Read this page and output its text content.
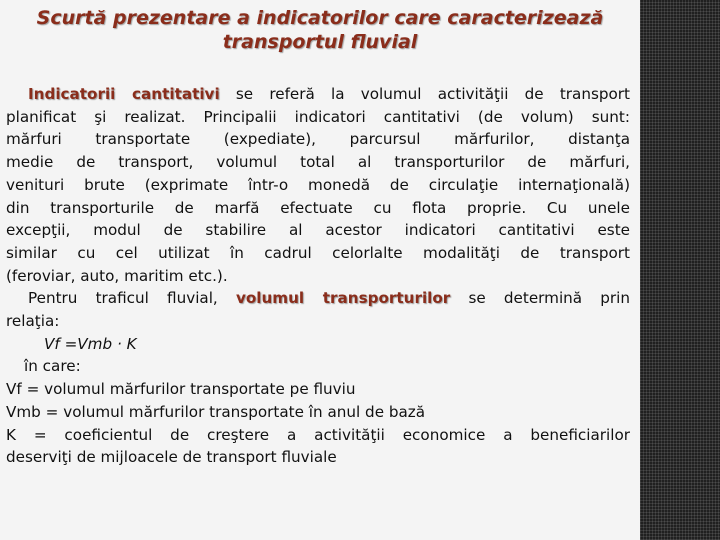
Scurtă prezentare a indicatorilor care caracterizează
transportul fluvial
Indicatorii cantitativi se referă la volumul activităţii de transport
planificat şi realizat. Principalii indicatori cantitativi (de volum) sunt:
mărfuri transportate (expediate), parcursul mărfurilor, distanţa
medie de transport, volumul total al transporturilor de mărfuri,
venituri brute (exprimate într-o monedă de circulaţie internaţională)
din transporturile de marfă efectuate cu flota proprie. Cu unele
excepţii, modul de stabilire al acestor indicatori cantitativi este
similar cu cel utilizat în cadrul celorlalte modalităţi de transport
(feroviar, auto, maritim etc.).
Pentru traficul fluvial, volumul transporturilor se determină prin
relaţia:
Vf =Vmb · K
în care:
Vf = volumul mărfurilor transportate pe fluviu
Vmb = volumul mărfurilor transportate în anul de bază
K = coeficientul de creştere a activităţii economice a beneficiarilor
deserviţi de mijloacele de transport fluviale
